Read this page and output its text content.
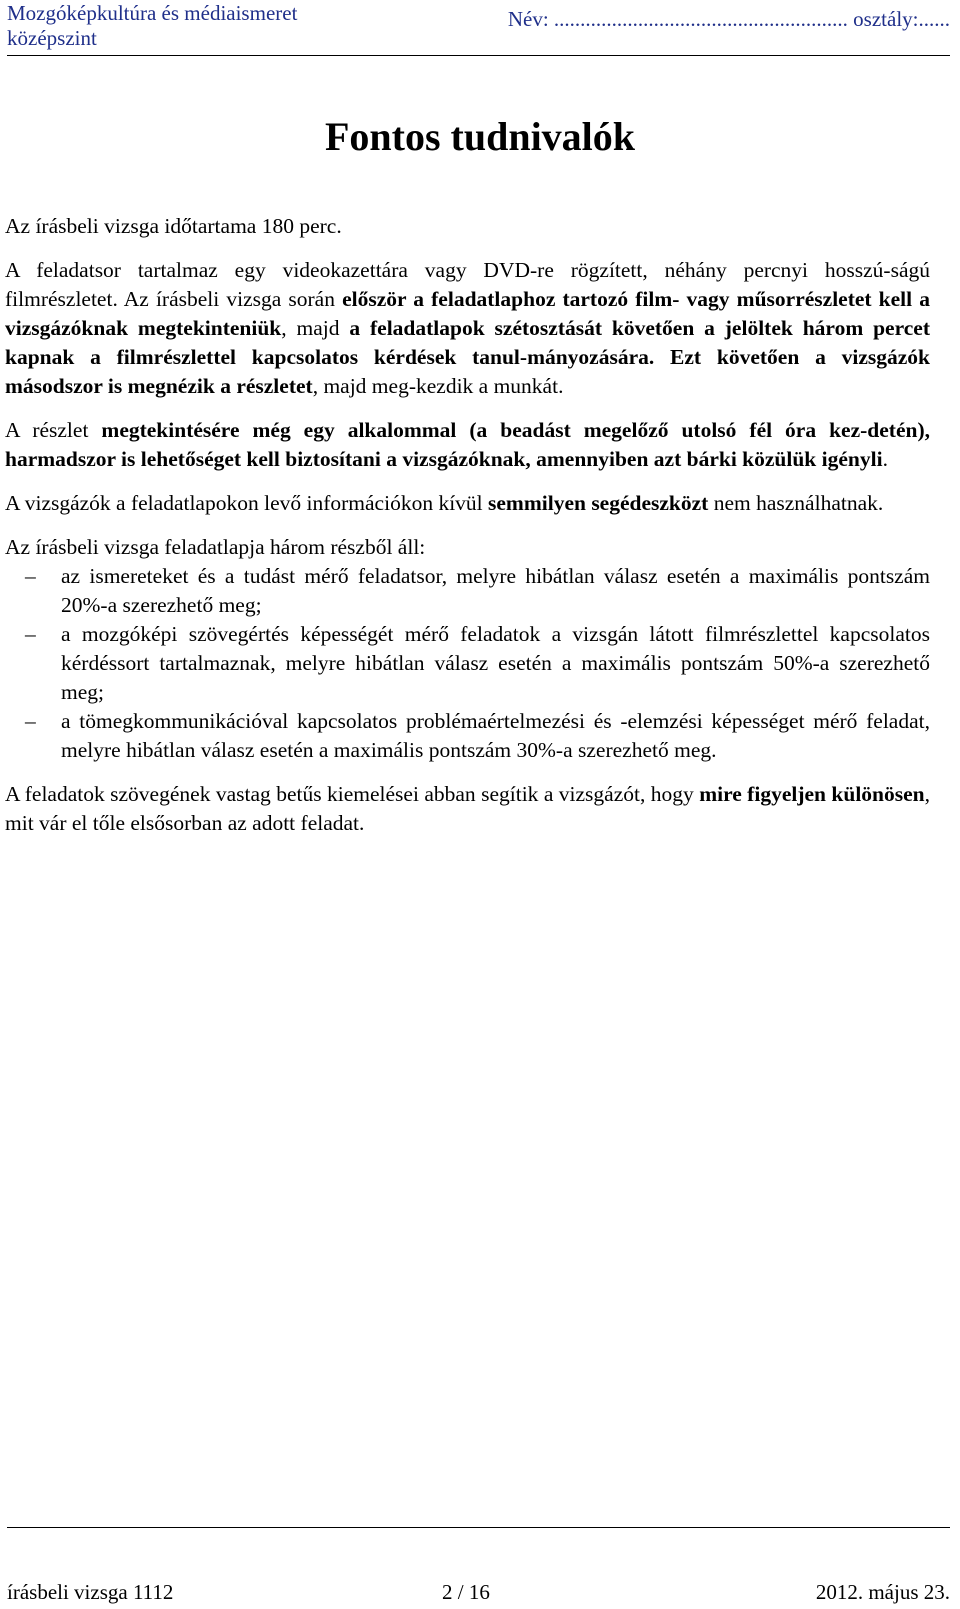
Mozgóképkultúra és médiaismeret
középszint
Név: ........................................................ osztály:......
Fontos tudnivalók

Az írásbeli vizsga időtartama 180 perc.

A feladatsor tartalmaz egy videokazettára vagy DVD-re rögzített, néhány percnyi hosszú-ságú filmrészletet. Az írásbeli vizsga során először a feladatlaphoz tartozó film- vagy műsorrészletet kell a vizsgázóknak megtekinteniük, majd a feladatlapok szétosztását követően a jelöltek három percet kapnak a filmrészlettel kapcsolatos kérdések tanul-mányozására. Ezt követően a vizsgázók másodszor is megnézik a részletet, majd meg-kezdik a munkát.

A részlet megtekintésére még egy alkalommal (a beadást megelőző utolsó fél óra kez-detén), harmadszor is lehetőséget kell biztosítani a vizsgázóknak, amennyiben azt bárki közülük igényli.

A vizsgázók a feladatlapokon levő információkon kívül semmilyen segédeszközt nem használhatnak.

Az írásbeli vizsga feladatlapja három részből áll:

– az ismereteket és a tudást mérő feladatsor, melyre hibátlan válasz esetén a maximális pontszám 20%-a szerezhető meg;
– a mozgóképi szövegértés képességét mérő feladatok a vizsgán látott filmrészlettel kapcsolatos kérdéssort tartalmaznak, melyre hibátlan válasz esetén a maximális pontszám 50%-a szerezhető meg;
– a tömegkommunikációval kapcsolatos problémaértelmezési és -elemzési képességet mérő feladat, melyre hibátlan válasz esetén a maximális pontszám 30%-a szerezhető meg.

A feladatok szövegének vastag betűs kiemelései abban segítik a vizsgázót, hogy mire figyeljen különösen, mit vár el tőle elsősorban az adott feladat.

írásbeli vizsga 1112	2 / 16	2012. május 23.
